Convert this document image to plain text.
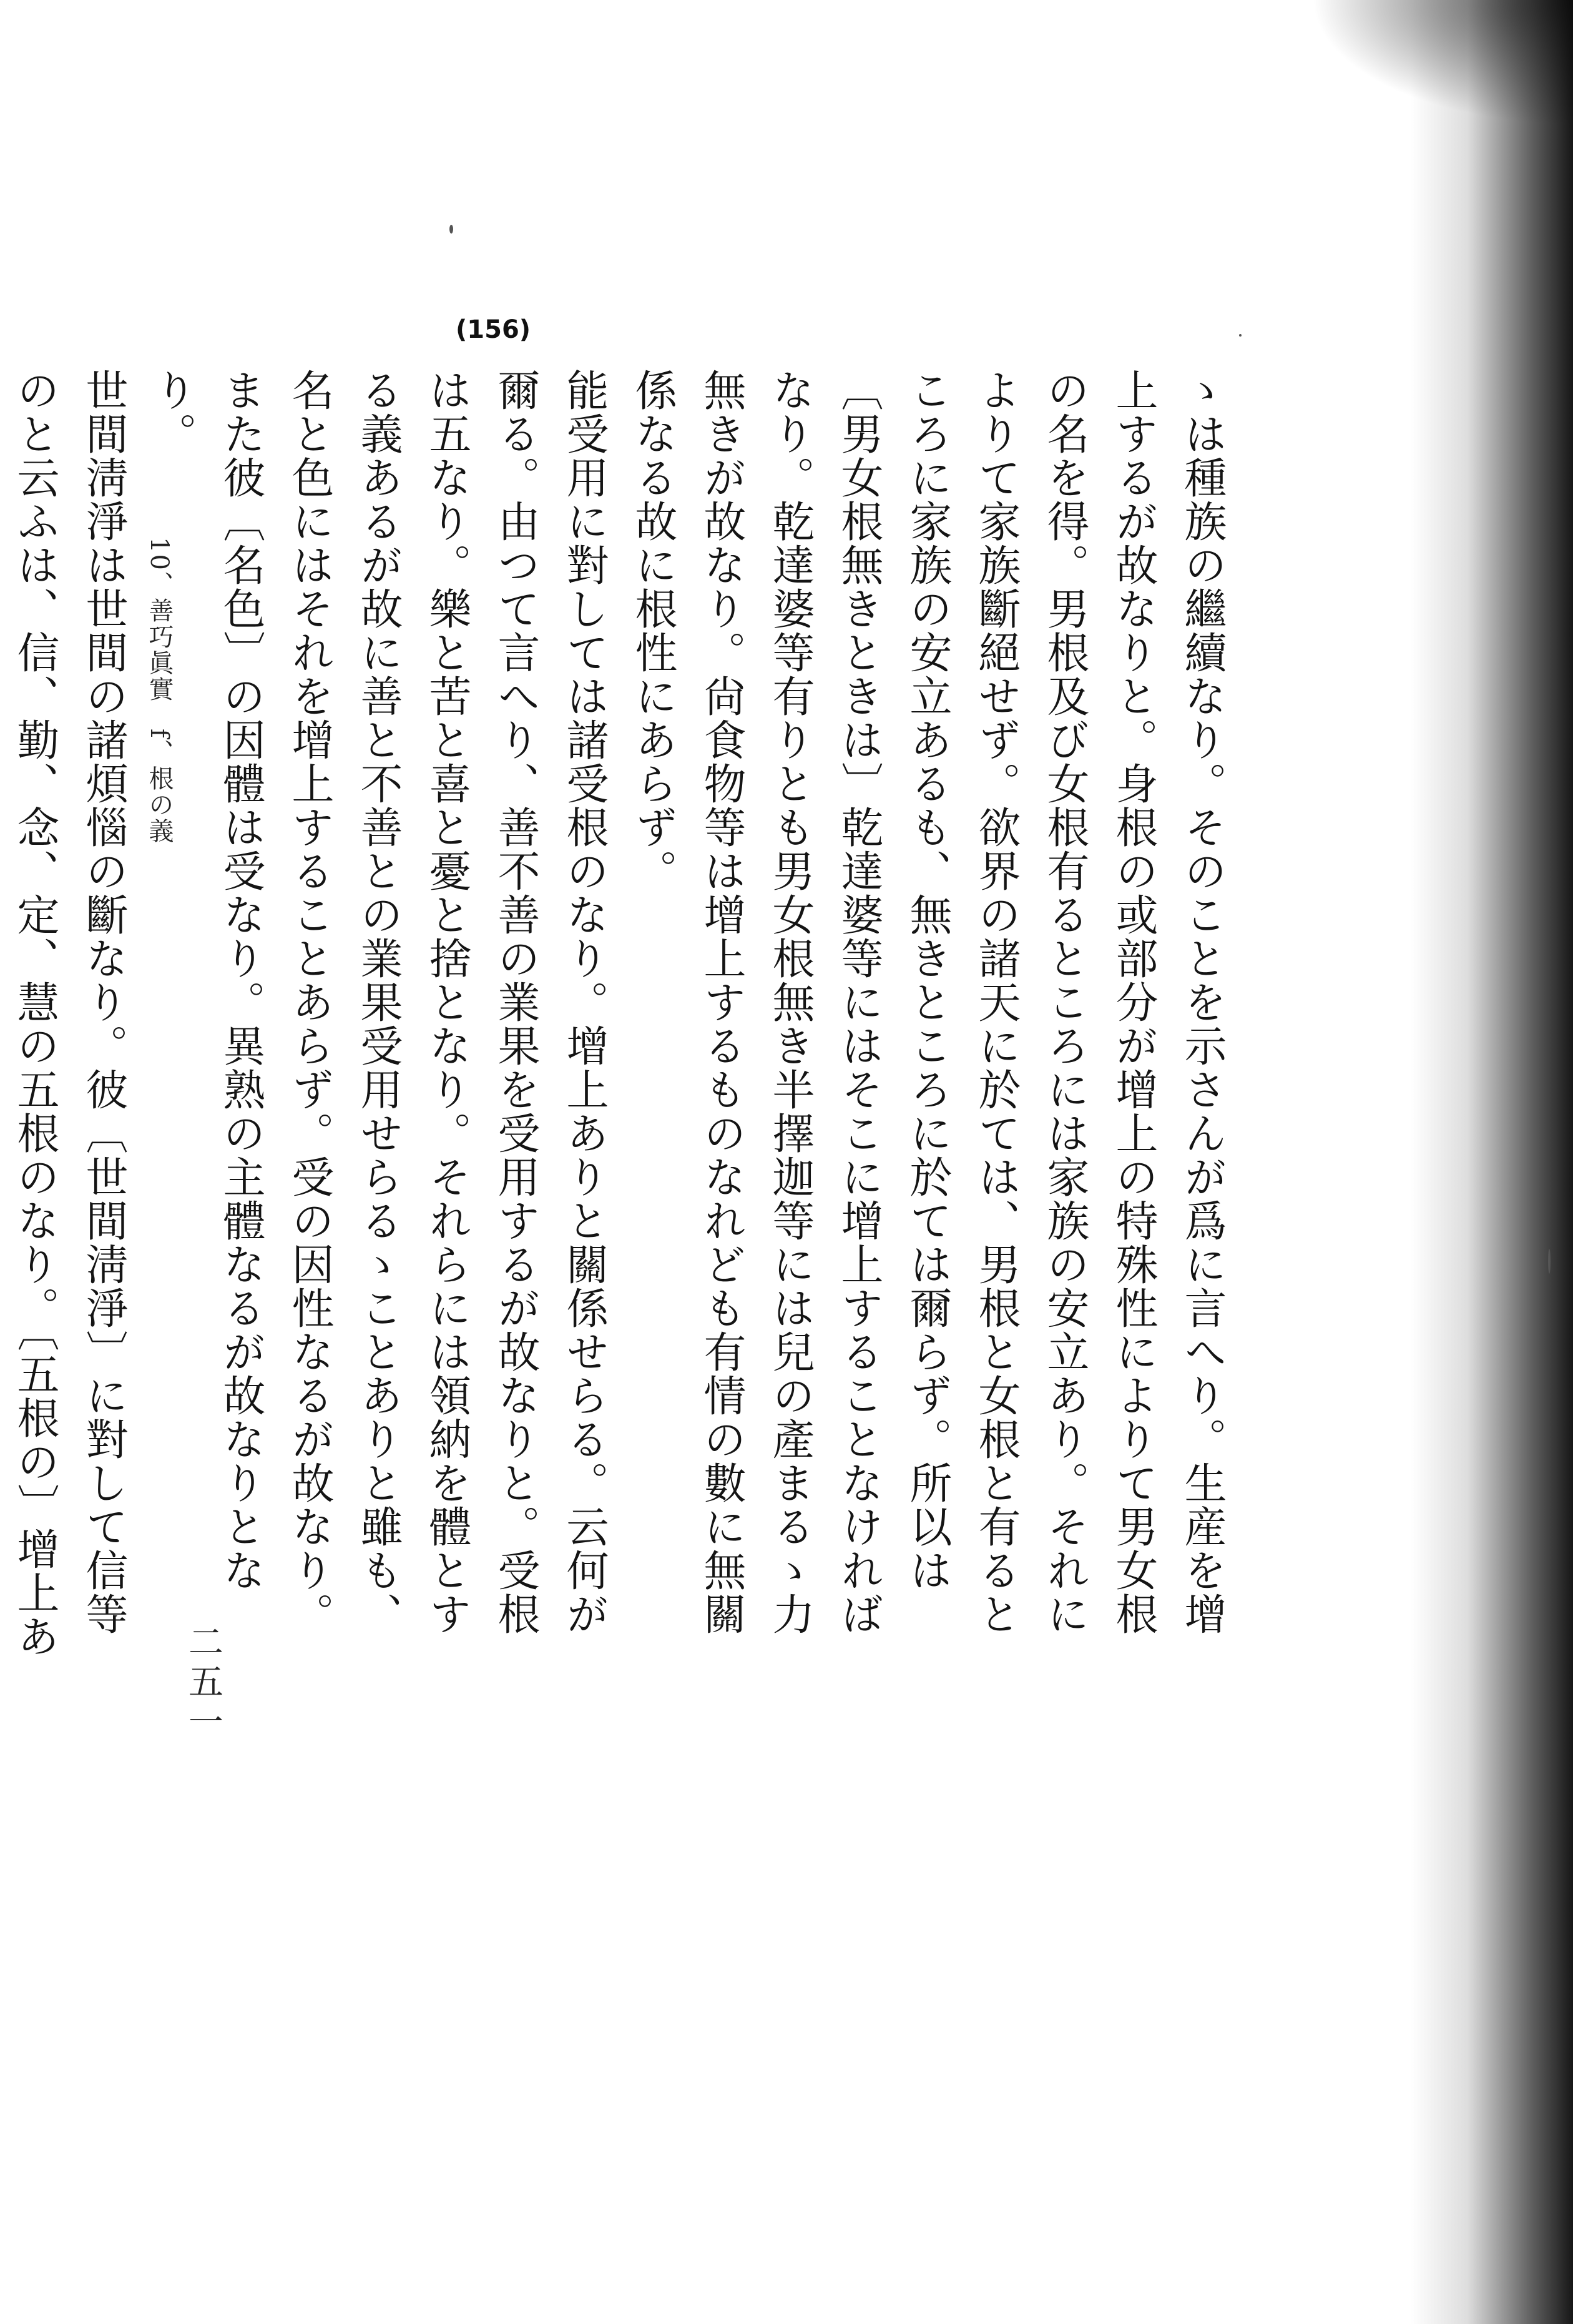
(156)

ゝは種族の繼續なり。そのことを示さんが爲に言へり。生産を增上するが故なりと。身根の或部分が增上の特殊性によりて男女根の名を得。男根及び女根有るところには家族の安立あり。それによりて家族斷絕せず。欲界の諸天に於ては、男根と女根と有るところに家族の安立あるも、無きところに於ては爾らず。所以は〔男女根無きときは〕乾達婆等にはそこに增上することなければなり。乾達婆等有りとも男女根無き半擇迦等には兒の產まるゝ力無きが故なり。尙食物等は增上するものなれども有情の數に無關係なる故に根性にあらず。

能受用に對しては諸受根のなり。增上ありと關係せらる。云何が爾る。由つて言へり、善不善の業果を受用するが故なりと。受根は五なり。樂と苦と喜と憂と捨となり。それらには領納を體とする義あるが故に善と不善との業果受用せらるゝことありと雖も、名と色にはそれを增上することあらず。受の因性なるが故なり。また彼〔名色〕の因體は受なり。異熟の主體なるが故なりとなり。

世間淸淨は世間の諸煩惱の斷なり。彼〔世間淸淨〕に對して信等のと云ふは、信、勤、念、定、慧の五根のなり。〔五根の〕增上あ

10、善巧眞實　f、根の義
二五一
